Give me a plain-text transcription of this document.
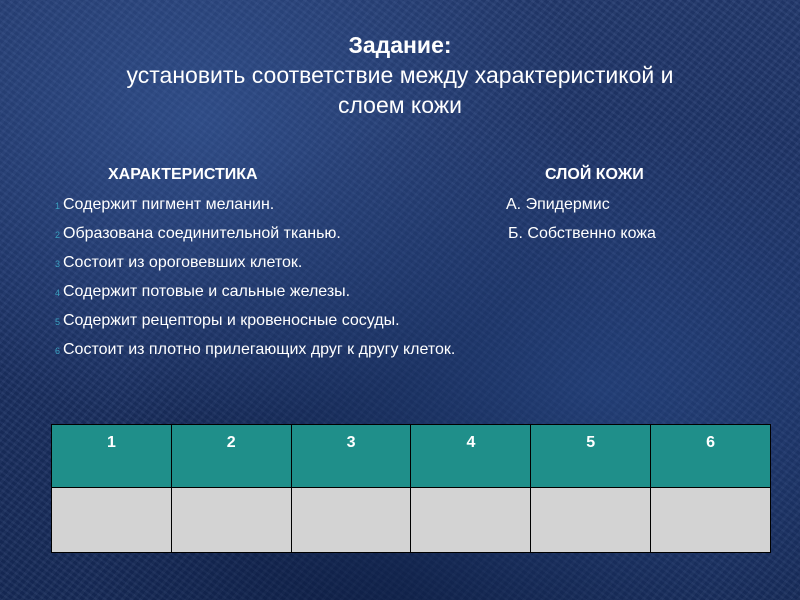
Задание:
установить соответствие между характеристикой и
слоем кожи
ХАРАКТЕРИСТИКА	СЛОЙ КОЖИ
1 Содержит пигмент меланин.	А. Эпидермис
2 Образована соединительной тканью.	Б. Собственно кожа
3 Состоит из ороговевших клеток.
4 Содержит потовые и сальные железы.
5 Содержит рецепторы и кровеносные сосуды.
6 Состоит из плотно прилегающих друг к другу клеток.
1	2	3	4	5	6
